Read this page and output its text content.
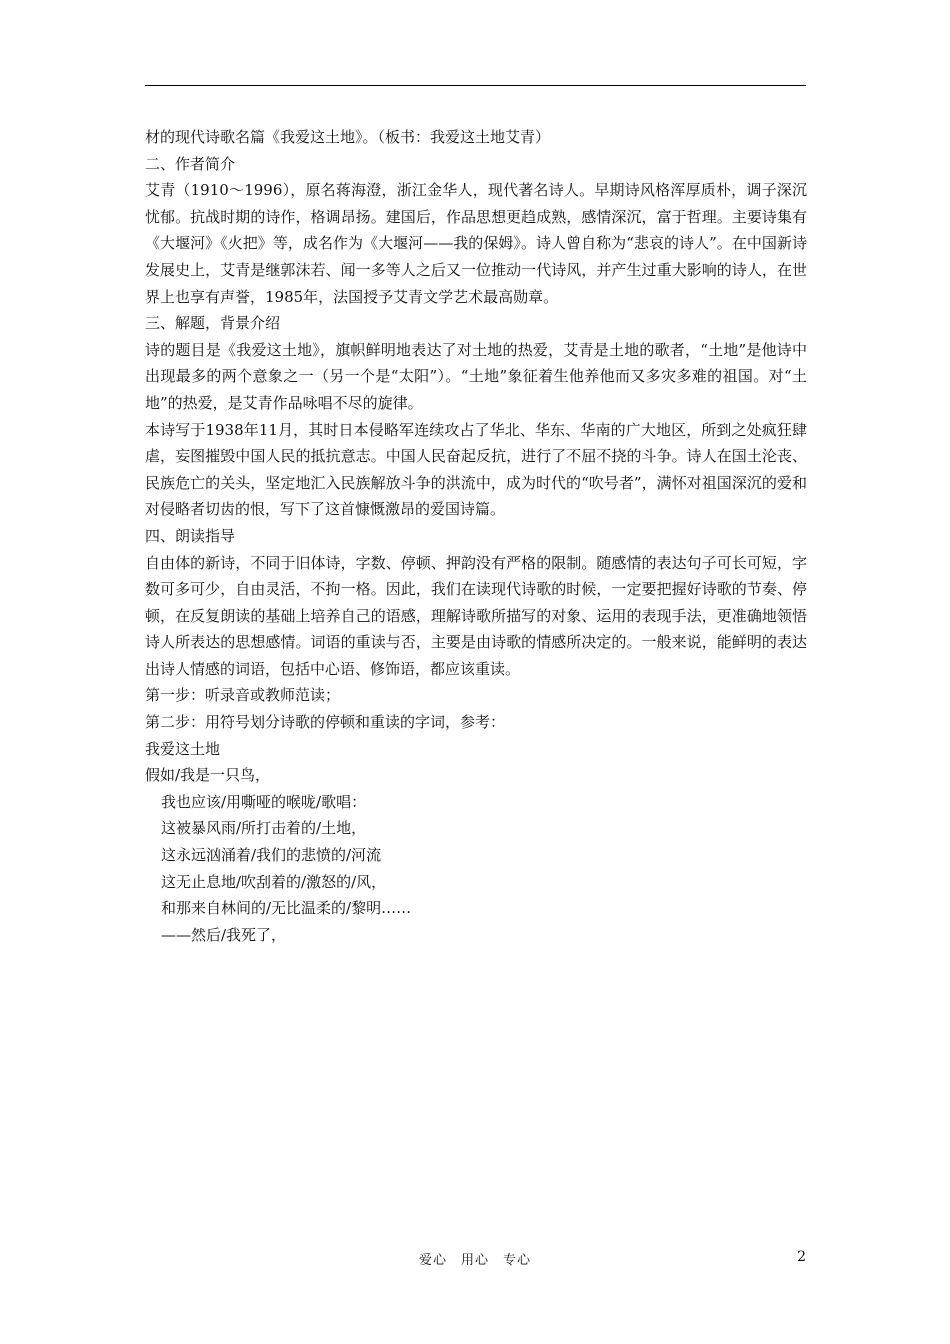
材的现代诗歌名篇《我爱这土地》。（板书：我爱这土地艾青）

二、作者简介

艾青（1910～1996），原名蒋海澄，浙江金华人，现代著名诗人。早期诗风格浑厚质朴，调子深沉忧郁。抗战时期的诗作，格调昂扬。建国后，作品思想更趋成熟，感情深沉，富于哲理。主要诗集有《大堰河》《火把》等，成名作为《大堰河——我的保姆》。诗人曾自称为“悲哀的诗人”。在中国新诗发展史上，艾青是继郭沫若、闻一多等人之后又一位推动一代诗风，并产生过重大影响的诗人，在世界上也享有声誉，1985年，法国授予艾青文学艺术最高勋章。

三、解题，背景介绍

诗的题目是《我爱这土地》，旗帜鲜明地表达了对土地的热爱，艾青是土地的歌者，“土地”是他诗中出现最多的两个意象之一（另一个是“太阳”）。“土地”象征着生他养他而又多灾多难的祖国。对“土地”的热爱，是艾青作品咏唱不尽的旋律。

本诗写于1938年11月，其时日本侵略军连续攻占了华北、华东、华南的广大地区，所到之处疯狂肆虐，妄图摧毁中国人民的抵抗意志。中国人民奋起反抗，进行了不屈不挠的斗争。诗人在国土沦丧、民族危亡的关头，坚定地汇入民族解放斗争的洪流中，成为时代的“吹号者”，满怀对祖国深沉的爱和对侵略者切齿的恨，写下了这首慷慨激昂的爱国诗篇。

四、朗读指导

自由体的新诗，不同于旧体诗，字数、停顿、押韵没有严格的限制。随感情的表达句子可长可短，字数可多可少，自由灵活，不拘一格。因此，我们在读现代诗歌的时候，一定要把握好诗歌的节奏、停顿，在反复朗读的基础上培养自己的语感，理解诗歌所描写的对象、运用的表现手法，更准确地领悟诗人所表达的思想感情。词语的重读与否，主要是由诗歌的情感所决定的。一般来说，能鲜明的表达出诗人情感的词语，包括中心语、修饰语，都应该重读。

第一步：听录音或教师范读；

第二步：用符号划分诗歌的停顿和重读的字词，参考：

我爱这土地

假如/我是一只鸟，

我也应该/用嘶哑的喉咙/歌唱：

这被暴风雨/所打击着的/土地，

这永远汹涌着/我们的悲愤的/河流

这无止息地/吹刮着的/激怒的/风，

和那来自林间的/无比温柔的/黎明……

——然后/我死了，

爱心　用心　专心	2
